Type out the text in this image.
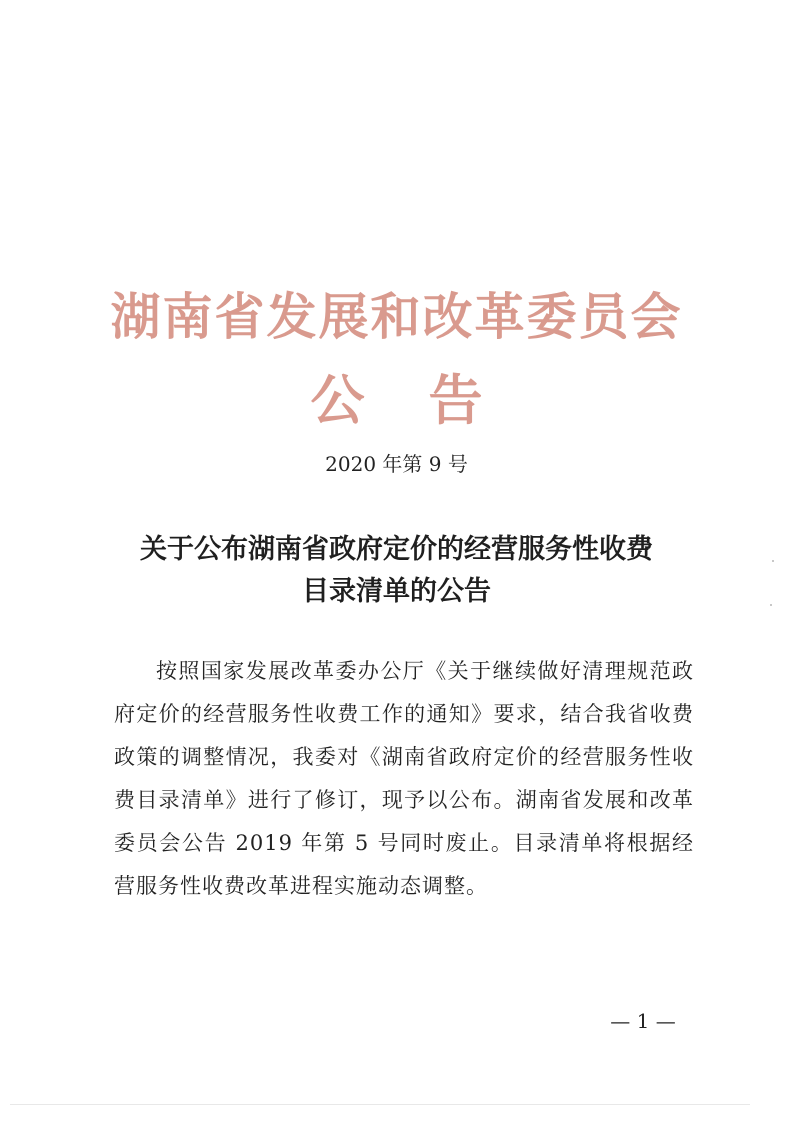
湖南省发展和改革委员会
公告
2020 年第 9 号
关于公布湖南省政府定价的经营服务性收费
目录清单的公告
按照国家发展改革委办公厅《关于继续做好清理规范政府定价的经营服务性收费工作的通知》要求，结合我省收费政策的调整情况，我委对《湖南省政府定价的经营服务性收费目录清单》进行了修订，现予以公布。湖南省发展和改革委员会公告 2019 年第 5 号同时废止。目录清单将根据经营服务性收费改革进程实施动态调整。
— 1 —
